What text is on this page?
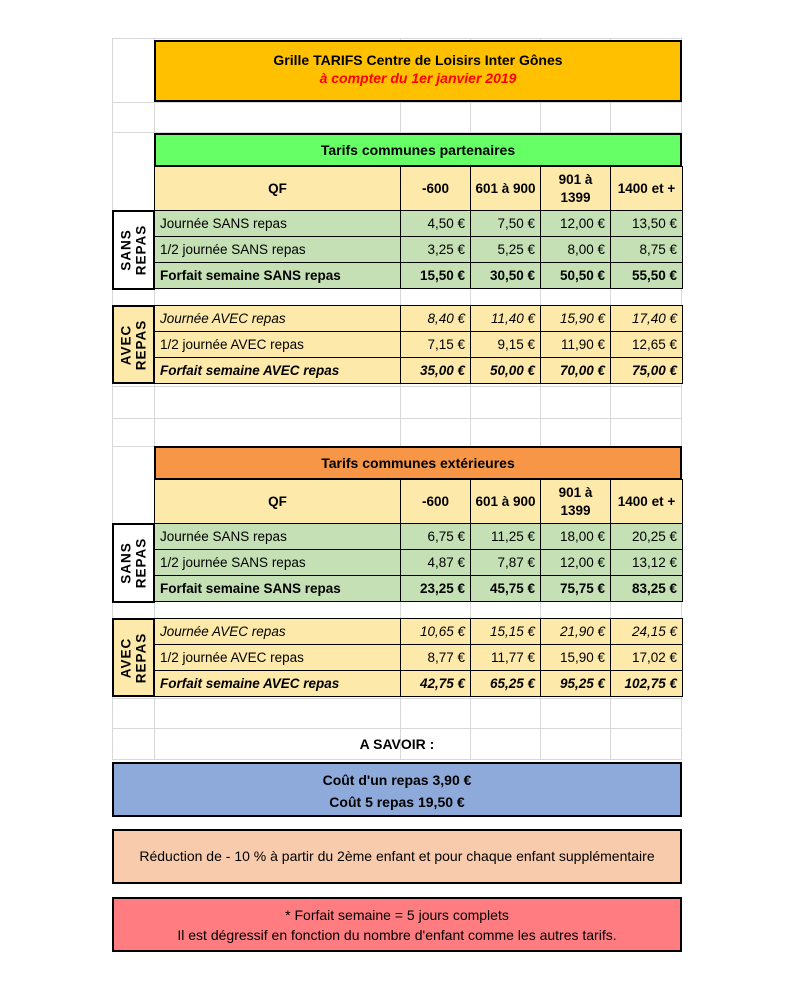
Grille TARIFS Centre de Loisirs Inter Gônes
à compter du 1er janvier 2019
Tarifs communes partenaires
QF	-600	601 à 900	901 à 1399	1400 et +
Journée SANS repas	4,50 €	7,50 €	12,00 €	13,50 €
1/2 journée SANS repas	3,25 €	5,25 €	8,00 €	8,75 €
Forfait semaine SANS repas	15,50 €	30,50 €	50,50 €	55,50 €
SANS
REPAS
Journée AVEC repas	8,40 €	11,40 €	15,90 €	17,40 €
1/2 journée AVEC repas	7,15 €	9,15 €	11,90 €	12,65 €
Forfait semaine AVEC repas	35,00 €	50,00 €	70,00 €	75,00 €
AVEC
REPAS
Tarifs communes extérieures
QF	-600	601 à 900	901 à 1399	1400 et +
Journée SANS repas	6,75 €	11,25 €	18,00 €	20,25 €
1/2 journée SANS repas	4,87 €	7,87 €	12,00 €	13,12 €
Forfait semaine SANS repas	23,25 €	45,75 €	75,75 €	83,25 €
SANS
REPAS
Journée AVEC repas	10,65 €	15,15 €	21,90 €	24,15 €
1/2 journée AVEC repas	8,77 €	11,77 €	15,90 €	17,02 €
Forfait semaine AVEC repas	42,75 €	65,25 €	95,25 €	102,75 €
AVEC
REPAS
A SAVOIR :
Coût d'un repas 3,90 €
Coût 5 repas 19,50 €
Réduction de - 10 % à partir du 2ème enfant et pour chaque enfant supplémentaire
* Forfait semaine = 5 jours complets
Il est dégressif en fonction du nombre d'enfant comme les autres tarifs.
